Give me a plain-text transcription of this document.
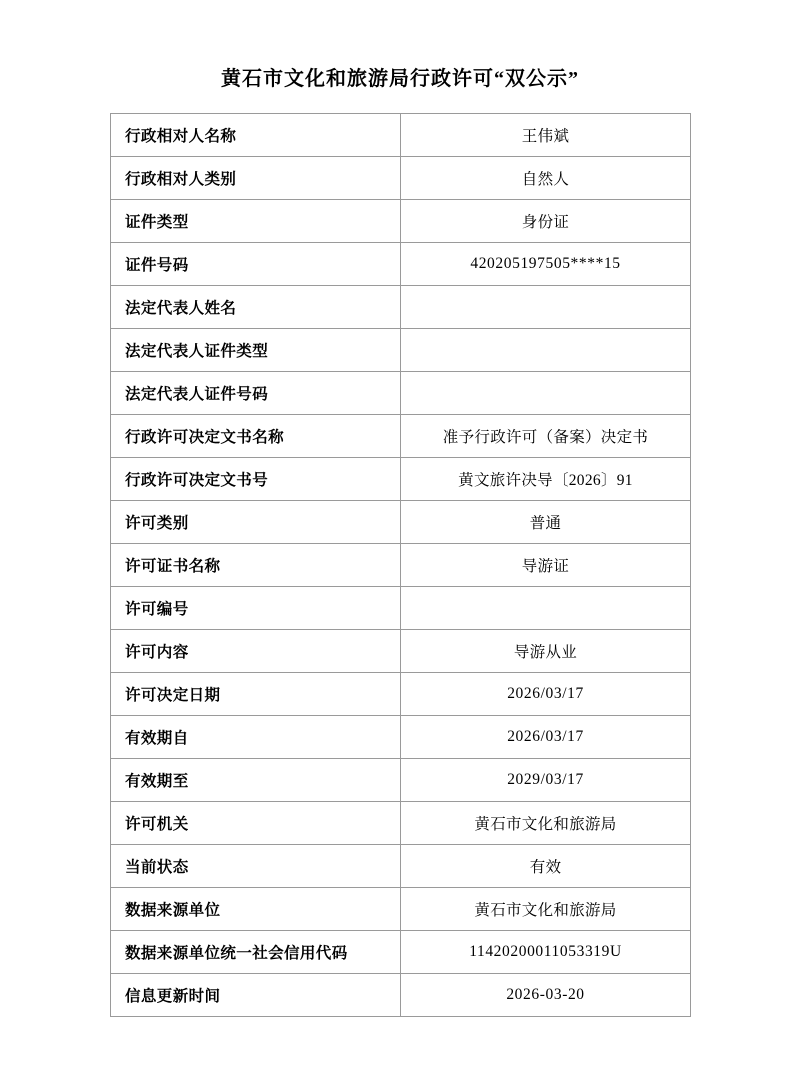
黄石市文化和旅游局行政许可“双公示”
行政相对人名称	王伟斌
行政相对人类别	自然人
证件类型	身份证
证件号码	420205197505****15
法定代表人姓名	
法定代表人证件类型	
法定代表人证件号码	
行政许可决定文书名称	准予行政许可（备案）决定书
行政许可决定文书号	黄文旅许决导〔2026〕91
许可类别	普通
许可证书名称	导游证
许可编号	
许可内容	导游从业
许可决定日期	2026/03/17
有效期自	2026/03/17
有效期至	2029/03/17
许可机关	黄石市文化和旅游局
当前状态	有效
数据来源单位	黄石市文化和旅游局
数据来源单位统一社会信用代码	11420200011053319U
信息更新时间	2026-03-20
